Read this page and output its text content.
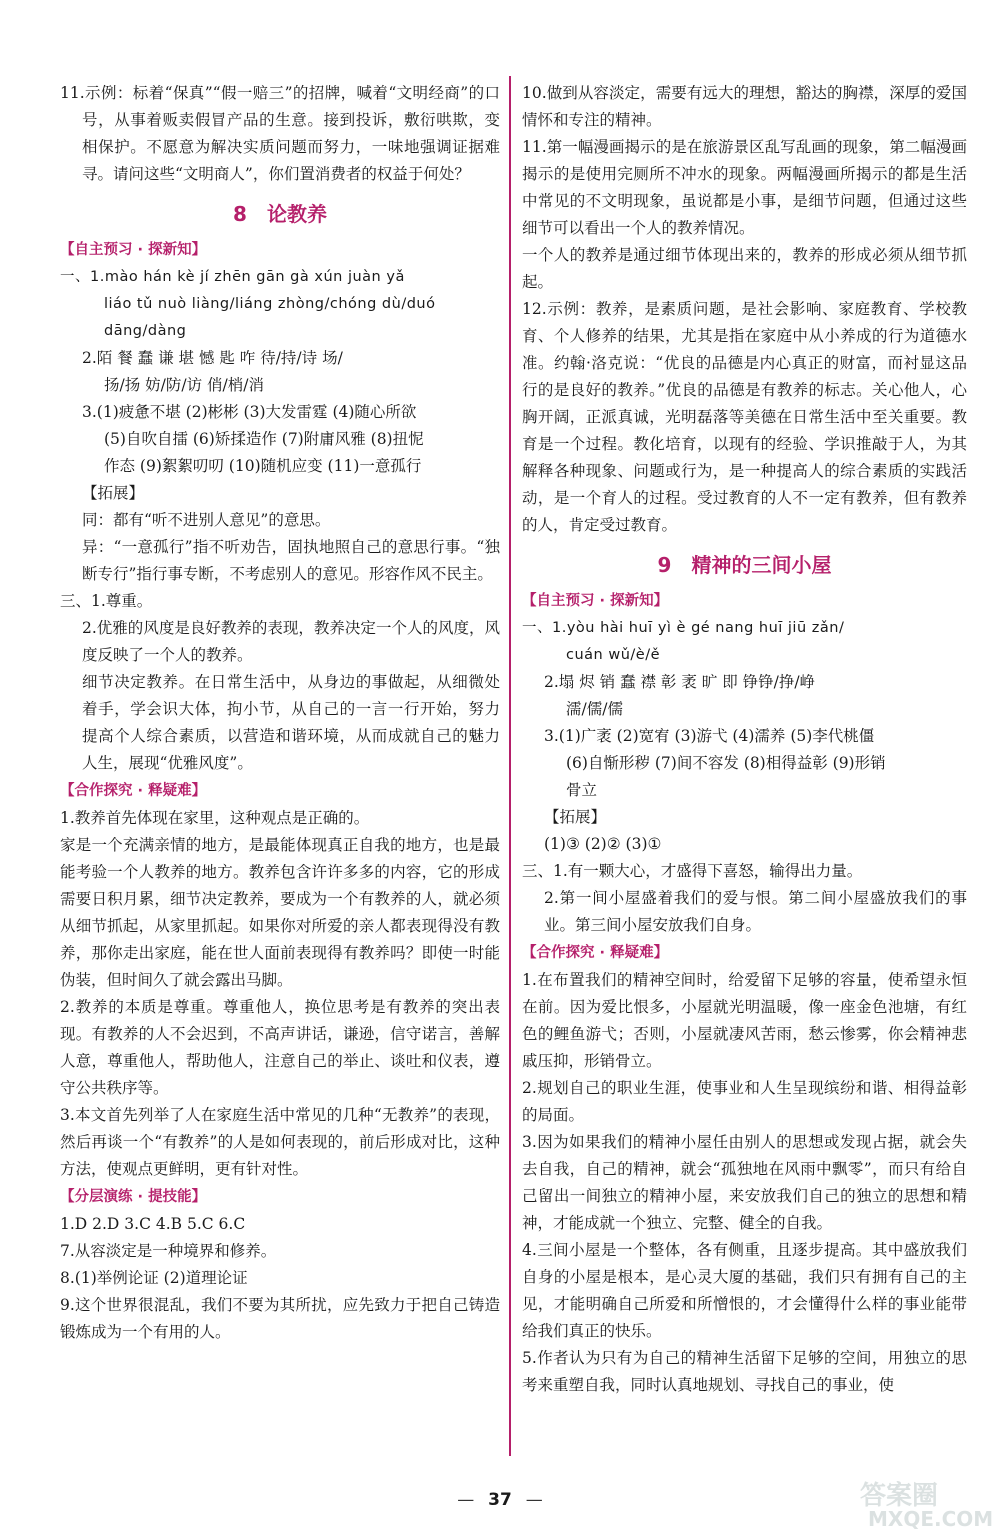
11.示例：标着“保真”“假一赔三”的招牌，喊着“文明经商”的口号，从事着贩卖假冒产品的生意。接到投诉，敷衍哄欺，变相保护。不愿意为解决实质问题而努力，一味地强调证据难寻。请问这些“文明商人”，你们置消费者的权益于何处？

8　论教养
【自主预习 · 探新知】

一、1.mào hán kè jí zhēn gān gà xún juàn yǎ

liáo tǔ nuò liàng/liáng zhòng/chóng dù/duó

dāng/dàng

2.陌 餐 蠢 谦 堪 憾 匙 咋 待/持/诗 场/

扬/扬 妨/防/访 俏/梢/消

3.(1)疲惫不堪 (2)彬彬 (3)大发雷霆 (4)随心所欲

(5)自吹自擂 (6)矫揉造作 (7)附庸风雅 (8)扭怩

作态 (9)絮絮叨叨 (10)随机应变 (11)一意孤行

【拓展】

同：都有“听不进别人意见”的意思。

异：“一意孤行”指不听劝告，固执地照自己的意思行事。“独断专行”指行事专断，不考虑别人的意见。形容作风不民主。

三、1.尊重。

2.优雅的风度是良好教养的表现，教养决定一个人的风度，风度反映了一个人的教养。

细节决定教养。在日常生活中，从身边的事做起，从细微处着手，学会识大体，拘小节，从自己的一言一行开始，努力提高个人综合素质，以营造和谐环境，从而成就自己的魅力人生，展现“优雅风度”。

【合作探究 · 释疑难】

1.教养首先体现在家里，这种观点是正确的。

家是一个充满亲情的地方，是最能体现真正自我的地方，也是最能考验一个人教养的地方。教养包含许许多多的内容，它的形成需要日积月累，细节决定教养，要成为一个有教养的人，就必须从细节抓起，从家里抓起。如果你对所爱的亲人都表现得没有教养，那你走出家庭，能在世人面前表现得有教养吗？即使一时能伪装，但时间久了就会露出马脚。

2.教养的本质是尊重。尊重他人，换位思考是有教养的突出表现。有教养的人不会迟到，不高声讲话，谦逊，信守诺言，善解人意，尊重他人，帮助他人，注意自己的举止、谈吐和仪表，遵守公共秩序等。

3.本文首先列举了人在家庭生活中常见的几种“无教养”的表现，然后再谈一个“有教养”的人是如何表现的，前后形成对比，这种方法，使观点更鲜明，更有针对性。

【分层演练 · 提技能】

1.D 2.D 3.C 4.B 5.C 6.C

7.从容淡定是一种境界和修养。

8.(1)举例论证 (2)道理论证

9.这个世界很混乱，我们不要为其所扰，应先致力于把自己铸造锻炼成为一个有用的人。

10.做到从容淡定，需要有远大的理想，豁达的胸襟，深厚的爱国情怀和专注的精神。

11.第一幅漫画揭示的是在旅游景区乱写乱画的现象，第二幅漫画揭示的是使用完厕所不冲水的现象。两幅漫画所揭示的都是生活中常见的不文明现象，虽说都是小事，是细节问题，但通过这些细节可以看出一个人的教养情况。

一个人的教养是通过细节体现出来的，教养的形成必须从细节抓起。

12.示例：教养，是素质问题，是社会影响、家庭教育、学校教育、个人修养的结果，尤其是指在家庭中从小养成的行为道德水准。约翰·洛克说：“优良的品德是内心真正的财富，而衬显这品行的是良好的教养。”优良的品德是有教养的标志。关心他人，心胸开阔，正派真诚，光明磊落等美德在日常生活中至关重要。教育是一个过程。教化培育，以现有的经验、学识推敲于人，为其解释各种现象、问题或行为，是一种提高人的综合素质的实践活动，是一个育人的过程。受过教育的人不一定有教养，但有教养的人，肯定受过教育。

9　精神的三间小屋
【自主预习 · 探新知】

一、1.yòu hài huī yì è gé nang huī jiū zǎn/

cuán wǔ/è/ě

2.塌 烬 销 蠢 襟 彰 袤 旷 即 铮铮/挣/峥

濡/儒/儒

3.(1)广袤 (2)宽宥 (3)游弋 (4)濡养 (5)李代桃僵

(6)自惭形秽 (7)间不容发 (8)相得益彰 (9)形销

骨立

【拓展】

(1)③ (2)② (3)①

三、1.有一颗大心，才盛得下喜怒，输得出力量。

2.第一间小屋盛着我们的爱与恨。第二间小屋盛放我们的事业。第三间小屋安放我们自身。

【合作探究 · 释疑难】

1.在布置我们的精神空间时，给爱留下足够的容量，使希望永恒在前。因为爱比恨多，小屋就光明温暖，像一座金色池塘，有红色的鲤鱼游弋；否则，小屋就凄风苦雨，愁云惨雾，你会精神悲戚压抑，形销骨立。

2.规划自己的职业生涯，使事业和人生呈现缤纷和谐、相得益彰的局面。

3.因为如果我们的精神小屋任由别人的思想或发现占据，就会失去自我，自己的精神，就会“孤独地在风雨中飘零”，而只有给自己留出一间独立的精神小屋，来安放我们自己的独立的思想和精神，才能成就一个独立、完整、健全的自我。

4.三间小屋是一个整体，各有侧重，且逐步提高。其中盛放我们自身的小屋是根本，是心灵大厦的基础，我们只有拥有自己的主见，才能明确自己所爱和所憎恨的，才会懂得什么样的事业能带给我们真正的快乐。

5.作者认为只有为自己的精神生活留下足够的空间，用独立的思考来重塑自我，同时认真地规划、寻找自己的事业，使

— 37 —	答案圈
MXQE.COM
